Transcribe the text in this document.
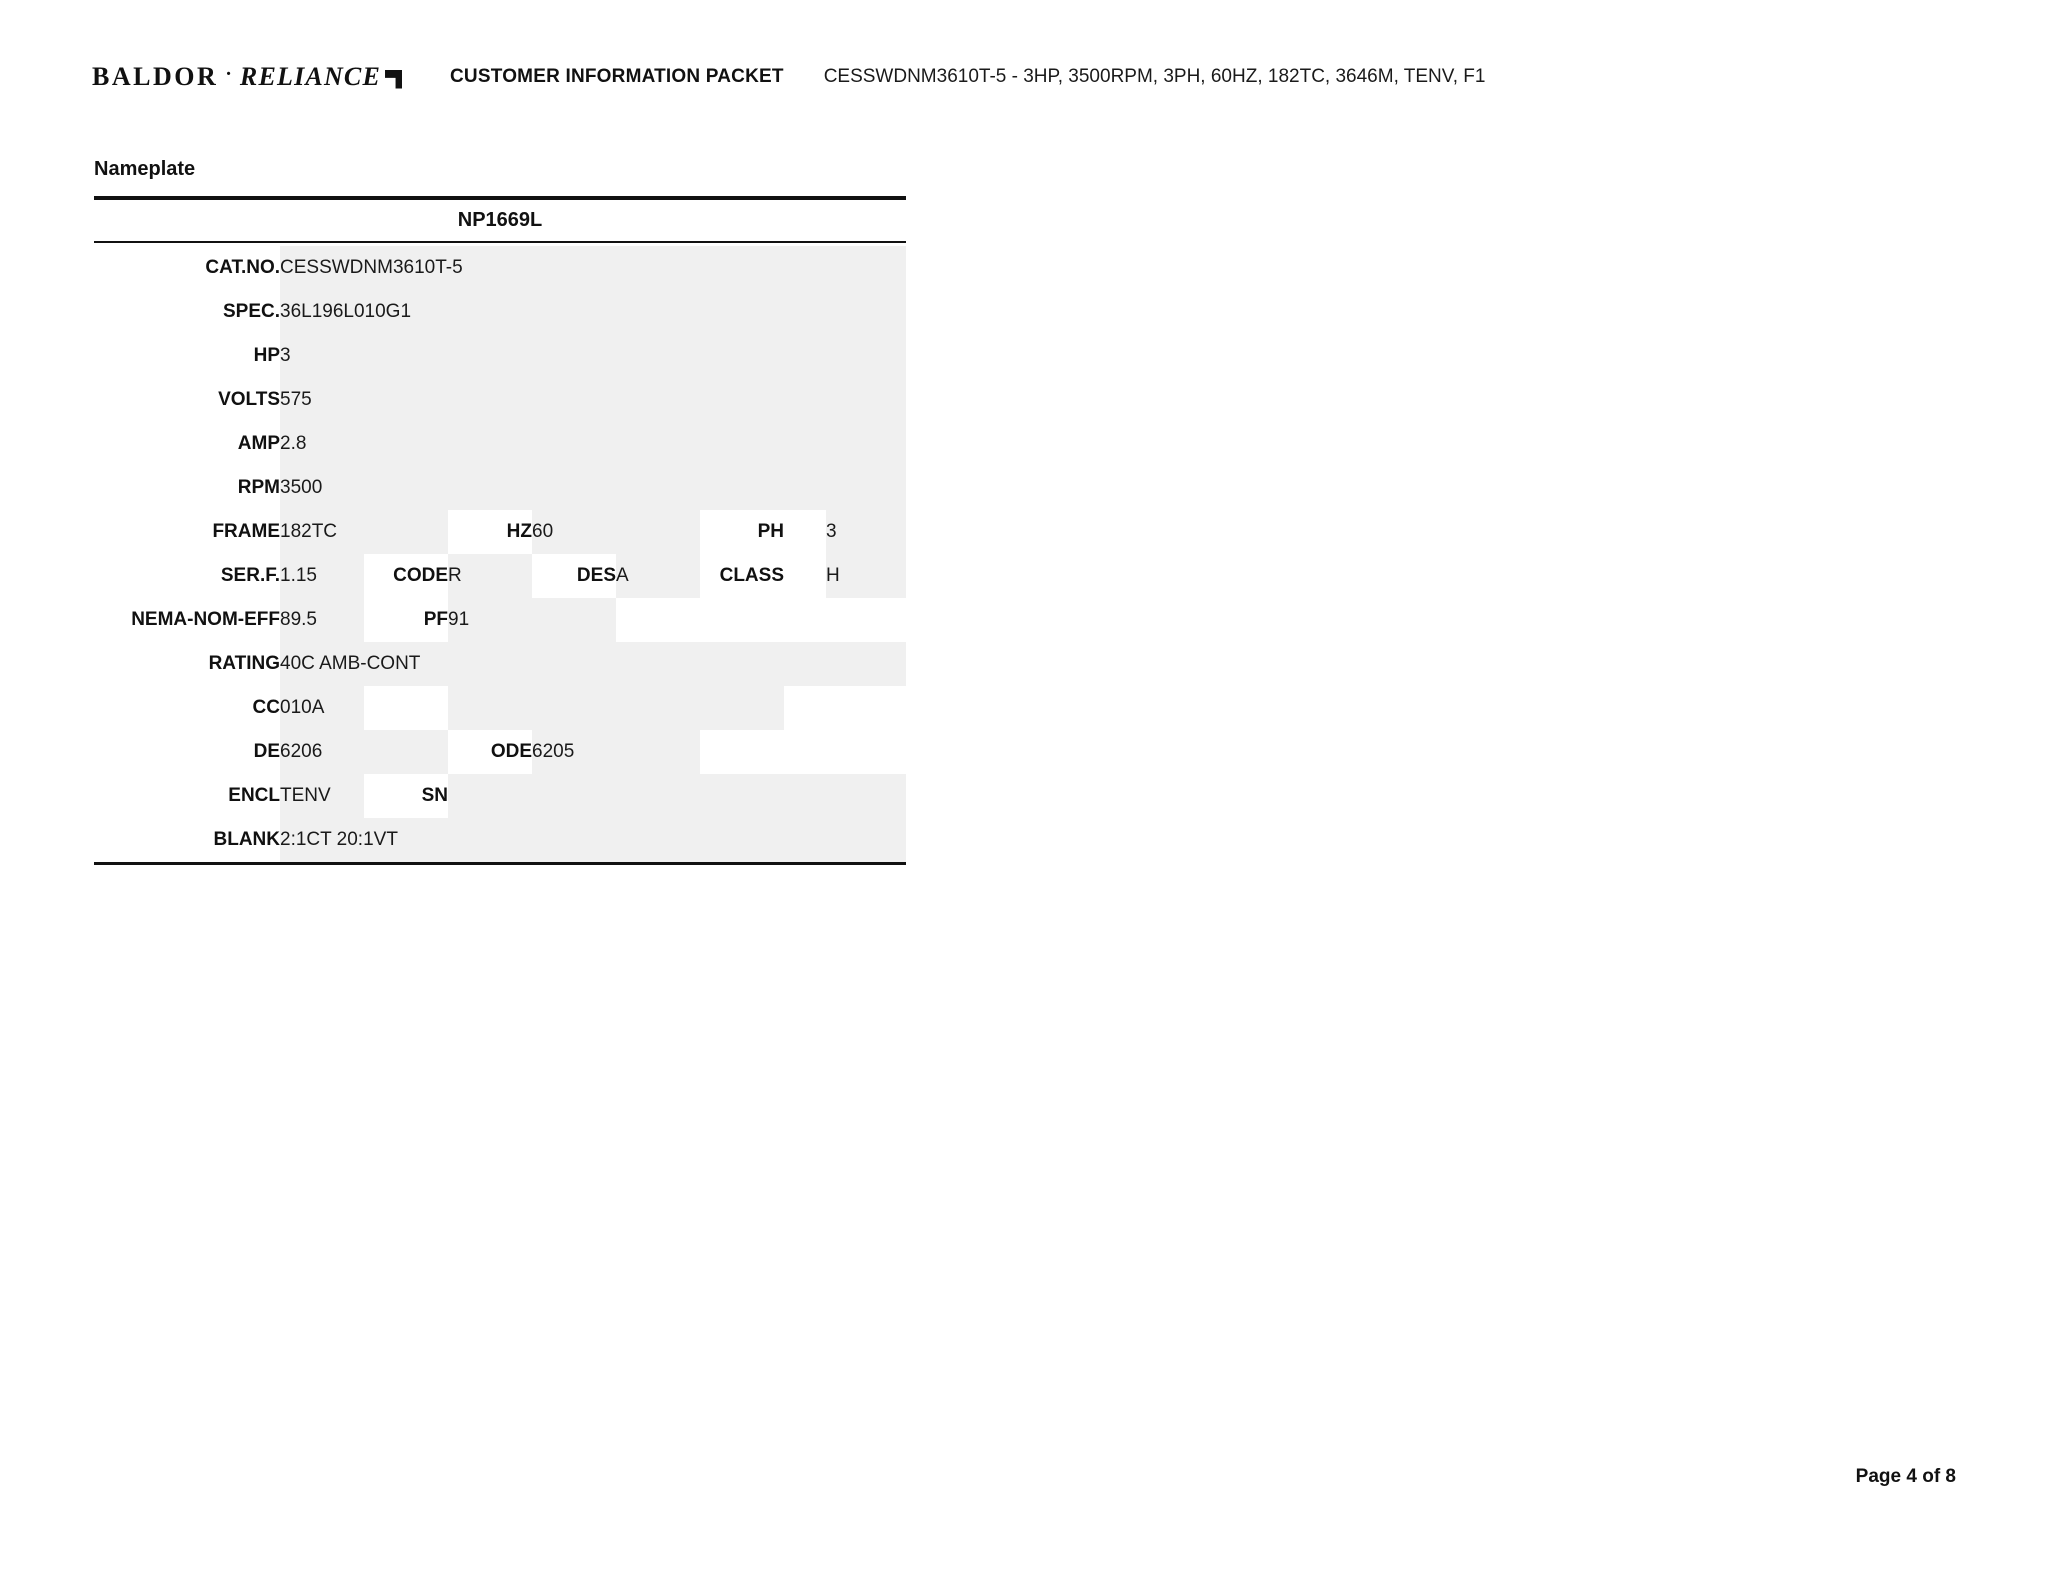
BALDOR · RELIANCE	CUSTOMER INFORMATION PACKET CESSWDNM3610T-5 - 3HP, 3500RPM, 3PH, 60HZ, 182TC, 3646M, TENV, F1
Nameplate
NP1669L
CAT.NO.	CESSWDNM3610T-5							
SPEC.	36L196L010G1							
HP	3							
VOLTS	575							
AMP	2.8							
RPM	3500							
FRAME	182TC		HZ	60		PH		3
SER.F.	1.15	CODE	R	DES	A	CLASS		H
NEMA-NOM-EFF	89.5	PF	91					
RATING	40C AMB-CONT							
CC	010A							
DE	6206		ODE	6205				
ENCL	TENV	SN						
BLANK	2:1CT 20:1VT							
Page 4 of 8
